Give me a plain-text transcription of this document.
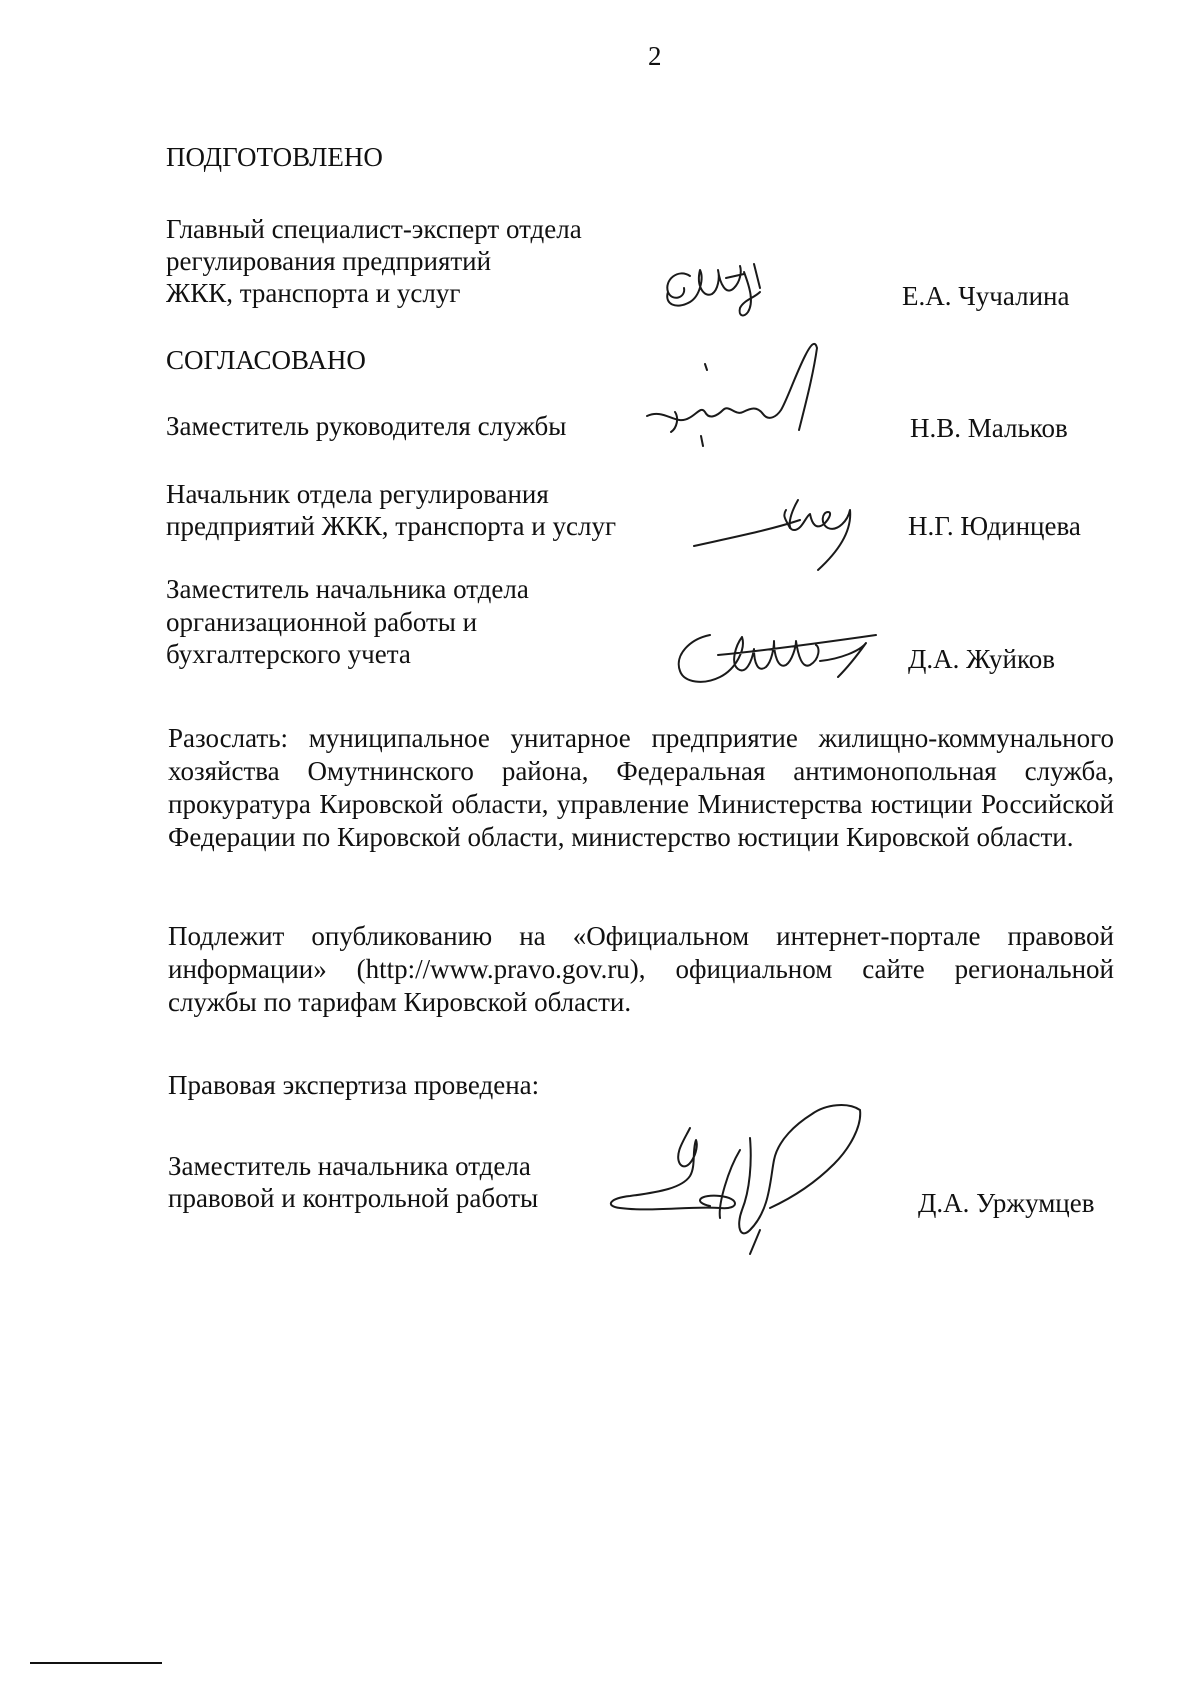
2
ПОДГОТОВЛЕНО
Главный специалист-эксперт отдела
регулирования предприятий
ЖКК, транспорта и услуг	Е.А. Чучалина
СОГЛАСОВАНО
Заместитель руководителя службы	Н.В. Мальков
Начальник отдела регулирования
предприятий ЖКК, транспорта и услуг	Н.Г. Юдинцева
Заместитель начальника отдела
организационной работы и
бухгалтерского учета	Д.А. Жуйков
Разослать: муниципальное унитарное предприятие жилищно-коммунального хозяйства Омутнинского района, Федеральная антимонопольная служба, прокуратура Кировской области, управление Министерства юстиции Российской Федерации по Кировской области, министерство юстиции Кировской области.
Подлежит опубликованию на «Официальном интернет-портале правовой информации» (http://www.pravo.gov.ru), официальном сайте региональной службы по тарифам Кировской области.
Правовая экспертиза проведена:
Заместитель начальника отдела
правовой и контрольной работы	Д.А. Уржумцев
